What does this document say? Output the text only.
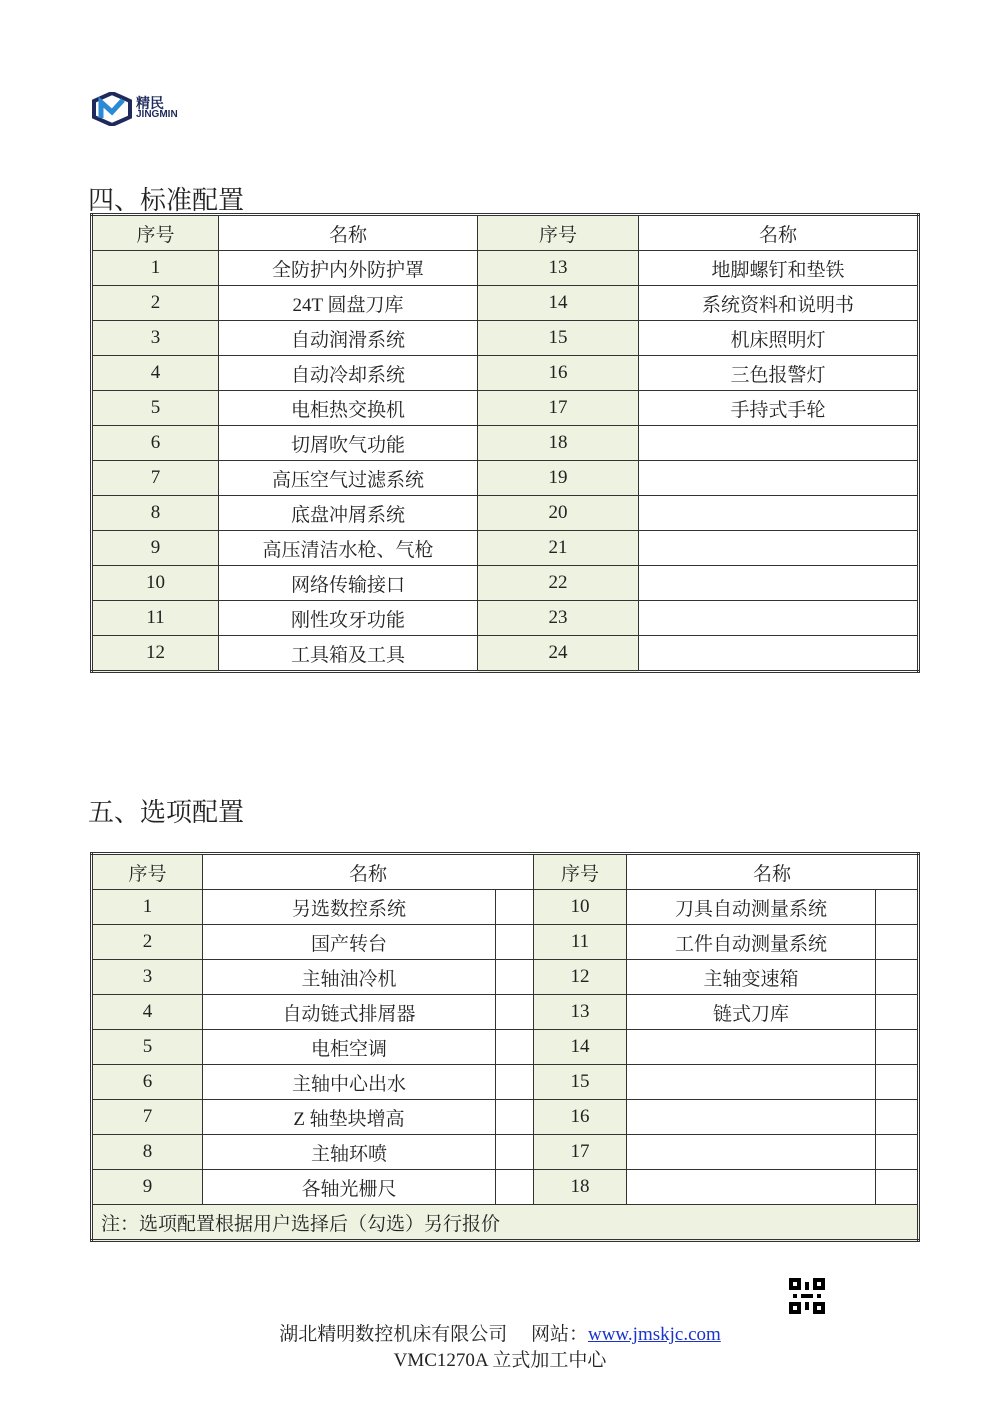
精民
JINGMIN
四、标准配置
序号	名称	序号	名称
1	全防护内外防护罩	13	地脚螺钉和垫铁
2	24T 圆盘刀库	14	系统资料和说明书
3	自动润滑系统	15	机床照明灯
4	自动冷却系统	16	三色报警灯
5	电柜热交换机	17	手持式手轮
6	切屑吹气功能	18	
7	高压空气过滤系统	19	
8	底盘冲屑系统	20	
9	高压清洁水枪、气枪	21	
10	网络传输接口	22	
11	刚性攻牙功能	23	
12	工具箱及工具	24	
五、选项配置
序号	名称		序号	名称	
1	另选数控系统		10	刀具自动测量系统	
2	国产转台		11	工件自动测量系统	
3	主轴油冷机		12	主轴变速箱	
4	自动链式排屑器		13	链式刀库	
5	电柜空调		14		
6	主轴中心出水		15		
7	Z 轴垫块增高		16		
8	主轴环喷		17		
9	各轴光栅尺		18		
注：选项配置根据用户选择后（勾选）另行报价					
湖北精明数控机床有限公司 网站：www.jmskjc.com
VMC1270A 立式加工中心
